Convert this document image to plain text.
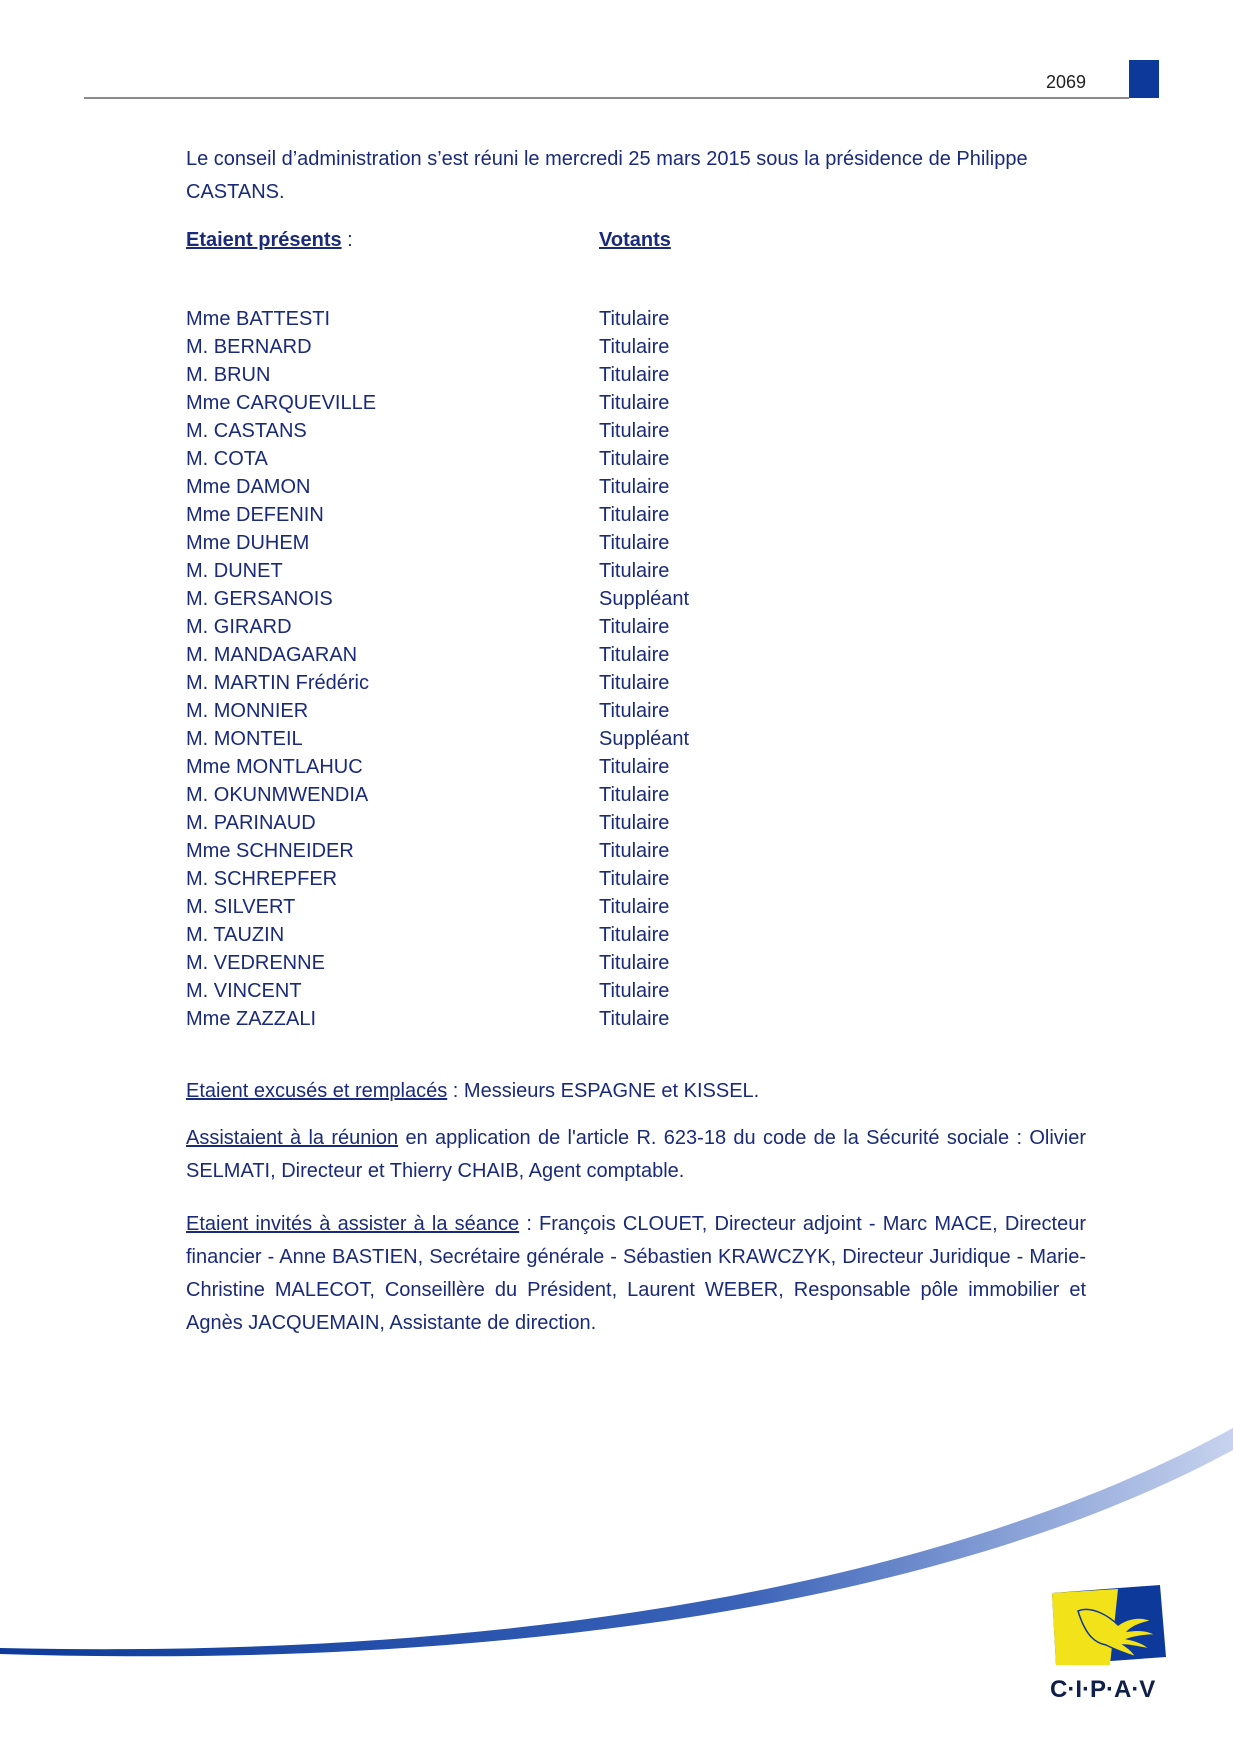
2069

Le conseil d’administration s’est réuni le mercredi 25 mars 2015 sous la présidence de Philippe CASTANS.

Etaient présents :	Votants
Mme BATTESTI	Titulaire
M. BERNARD	Titulaire
M. BRUN	Titulaire
Mme CARQUEVILLE	Titulaire
M. CASTANS	Titulaire
M. COTA	Titulaire
Mme DAMON	Titulaire
Mme DEFENIN	Titulaire
Mme DUHEM	Titulaire
M. DUNET	Titulaire
M. GERSANOIS	Suppléant
M. GIRARD	Titulaire
M. MANDAGARAN	Titulaire
M. MARTIN Frédéric	Titulaire
M. MONNIER	Titulaire
M. MONTEIL	Suppléant
Mme MONTLAHUC	Titulaire
M. OKUNMWENDIA	Titulaire
M. PARINAUD	Titulaire
Mme SCHNEIDER	Titulaire
M. SCHREPFER	Titulaire
M. SILVERT	Titulaire
M. TAUZIN	Titulaire
M. VEDRENNE	Titulaire
M. VINCENT	Titulaire
Mme ZAZZALI	Titulaire

Etaient excusés et remplacés : Messieurs ESPAGNE et KISSEL.

Assistaient à la réunion en application de l'article R. 623-18 du code de la Sécurité sociale : Olivier SELMATI, Directeur et Thierry CHAIB, Agent comptable.

Etaient invités à assister à la séance : François CLOUET, Directeur adjoint - Marc MACE, Directeur financier - Anne BASTIEN, Secrétaire générale - Sébastien KRAWCZYK, Directeur Juridique - Marie-Christine MALECOT, Conseillère du Président, Laurent WEBER, Responsable pôle immobilier et Agnès JACQUEMAIN, Assistante de direction.

C·I·P·A·V
